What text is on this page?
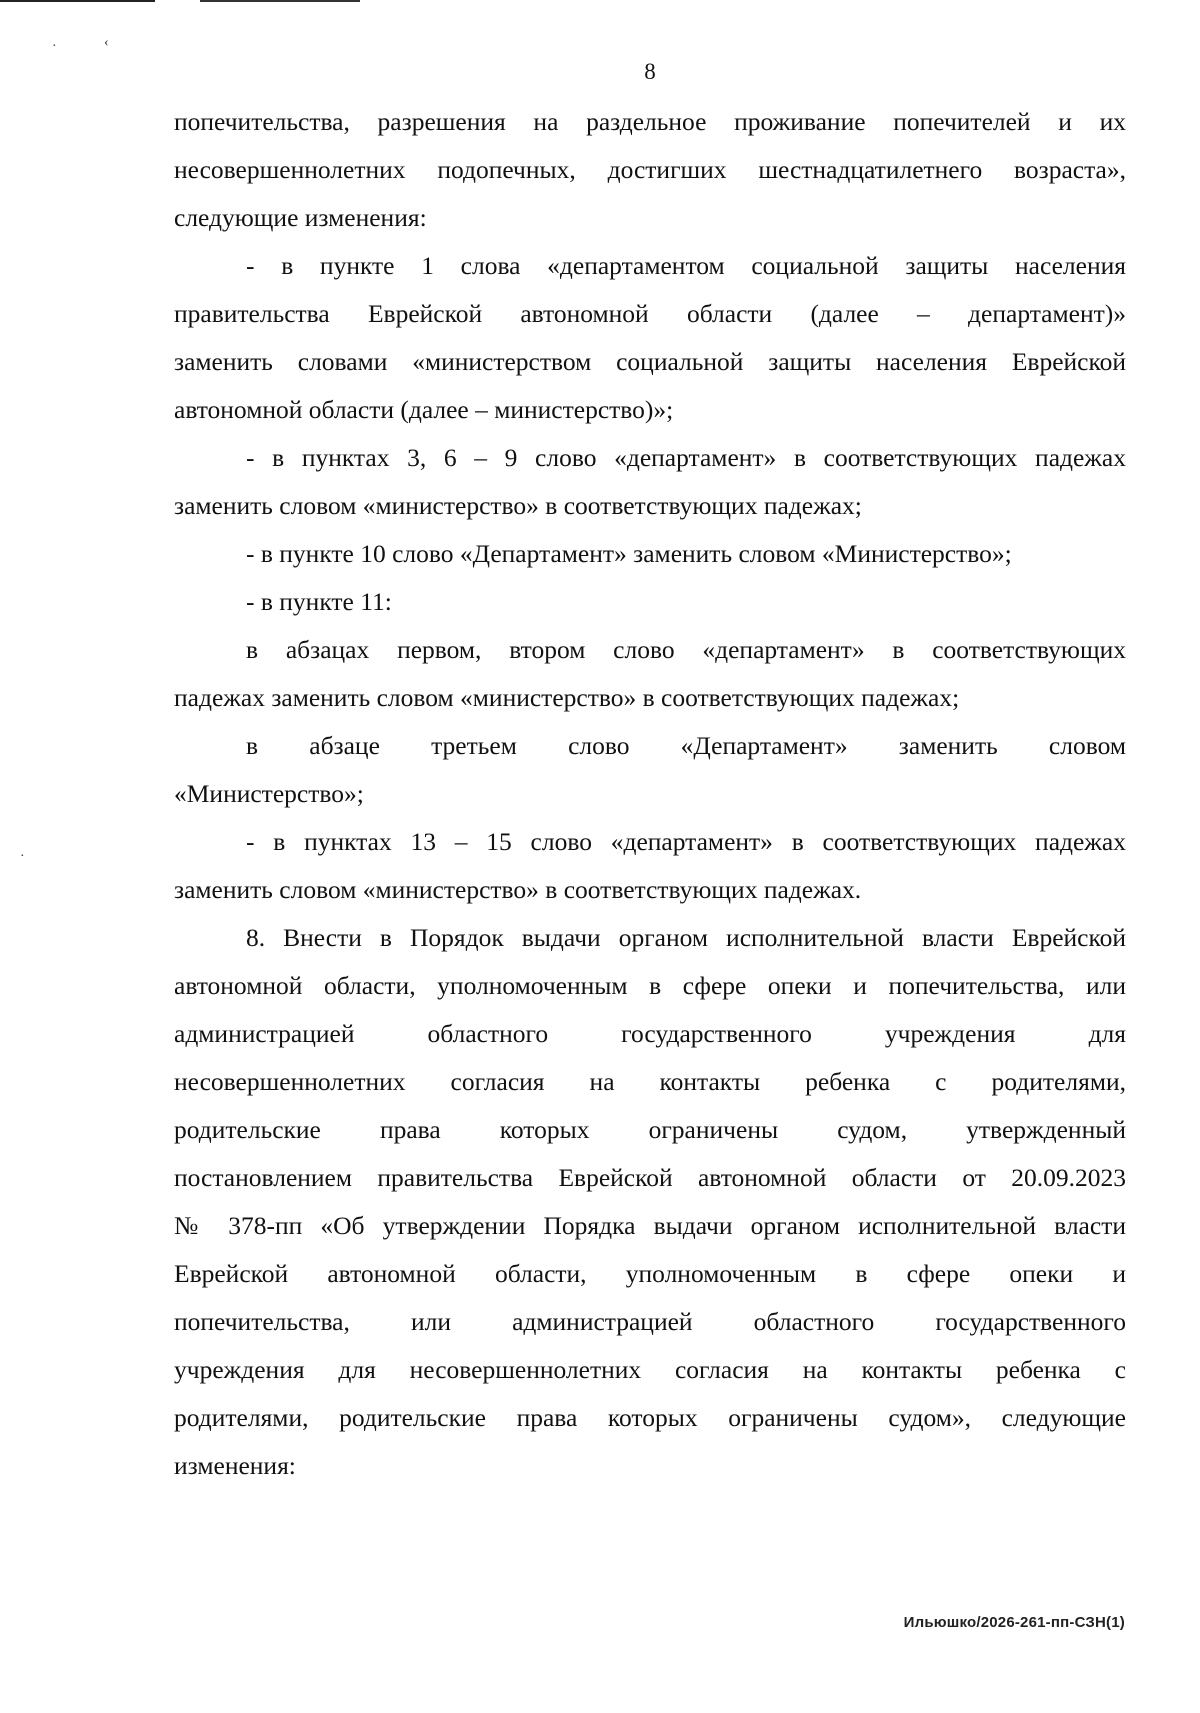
·	‹
·
8
попечительства, разрешения на раздельное проживание попечителей и их
несовершеннолетних подопечных, достигших шестнадцатилетнего возраста»,
следующие изменения:
- в пункте 1 слова «департаментом социальной защиты населения
правительства Еврейской автономной области (далее – департамент)»
заменить словами «министерством социальной защиты населения Еврейской
автономной области (далее – министерство)»;
- в пунктах 3, 6 – 9 слово «департамент» в соответствующих падежах
заменить словом «министерство» в соответствующих падежах;
- в пункте 10 слово «Департамент» заменить словом «Министерство»;
- в пункте 11:
в абзацах первом, втором слово «департамент» в соответствующих
падежах заменить словом «министерство» в соответствующих падежах;
в абзаце третьем слово «Департамент» заменить словом
«Министерство»;
- в пунктах 13 – 15 слово «департамент» в соответствующих падежах
заменить словом «министерство» в соответствующих падежах.
8. Внести в Порядок выдачи органом исполнительной власти Еврейской
автономной области, уполномоченным в сфере опеки и попечительства, или
администрацией областного государственного учреждения для
несовершеннолетних согласия на контакты ребенка с родителями,
родительские права которых ограничены судом, утвержденный
постановлением правительства Еврейской автономной области от 20.09.2023
№ 378-пп «Об утверждении Порядка выдачи органом исполнительной власти
Еврейской автономной области, уполномоченным в сфере опеки и
попечительства, или администрацией областного государственного
учреждения для несовершеннолетних согласия на контакты ребенка с
родителями, родительские права которых ограничены судом», следующие
изменения:
Ильюшко/2026-261-пп-СЗН(1)
